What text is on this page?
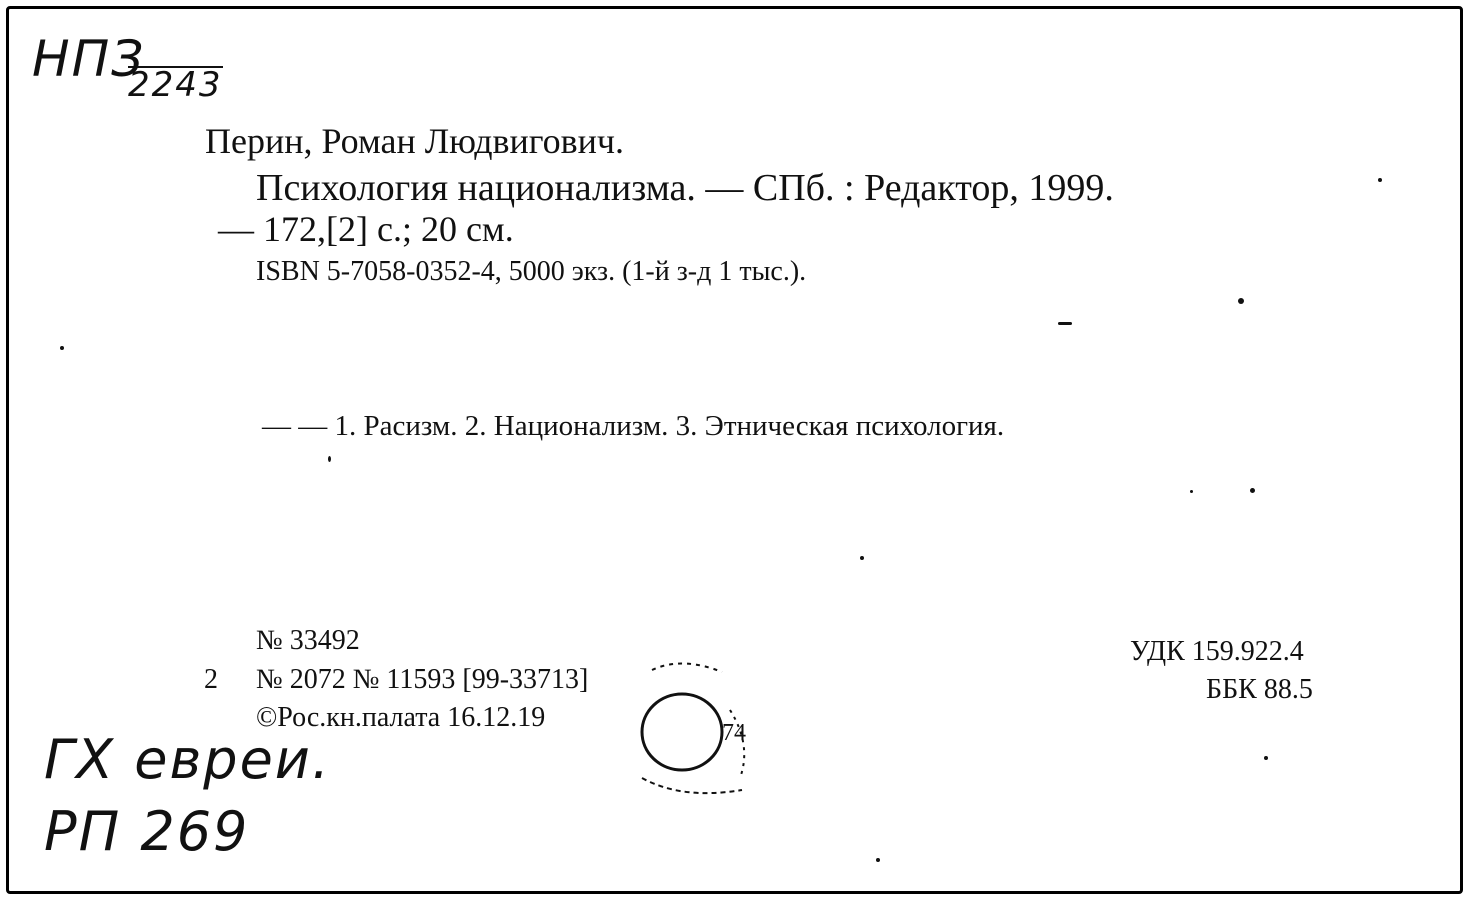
НПЗ
2243
Перин, Роман Людвигович.
Психология национализма. — СПб. : Редактор, 1999.
— 172,[2] с.; 20 см.
ISBN 5-7058-0352-4, 5000 экз. (1-й з-д 1 тыс.).
— — 1. Расизм. 2. Национализм. 3. Этническая психология.
№ 33492
2 № 2072 № 11593 [99-33713]
©Рос.кн.палата 16.12.19	74
УДК 159.922.4
ББК 88.5
ГХ евреи.
РП 269
